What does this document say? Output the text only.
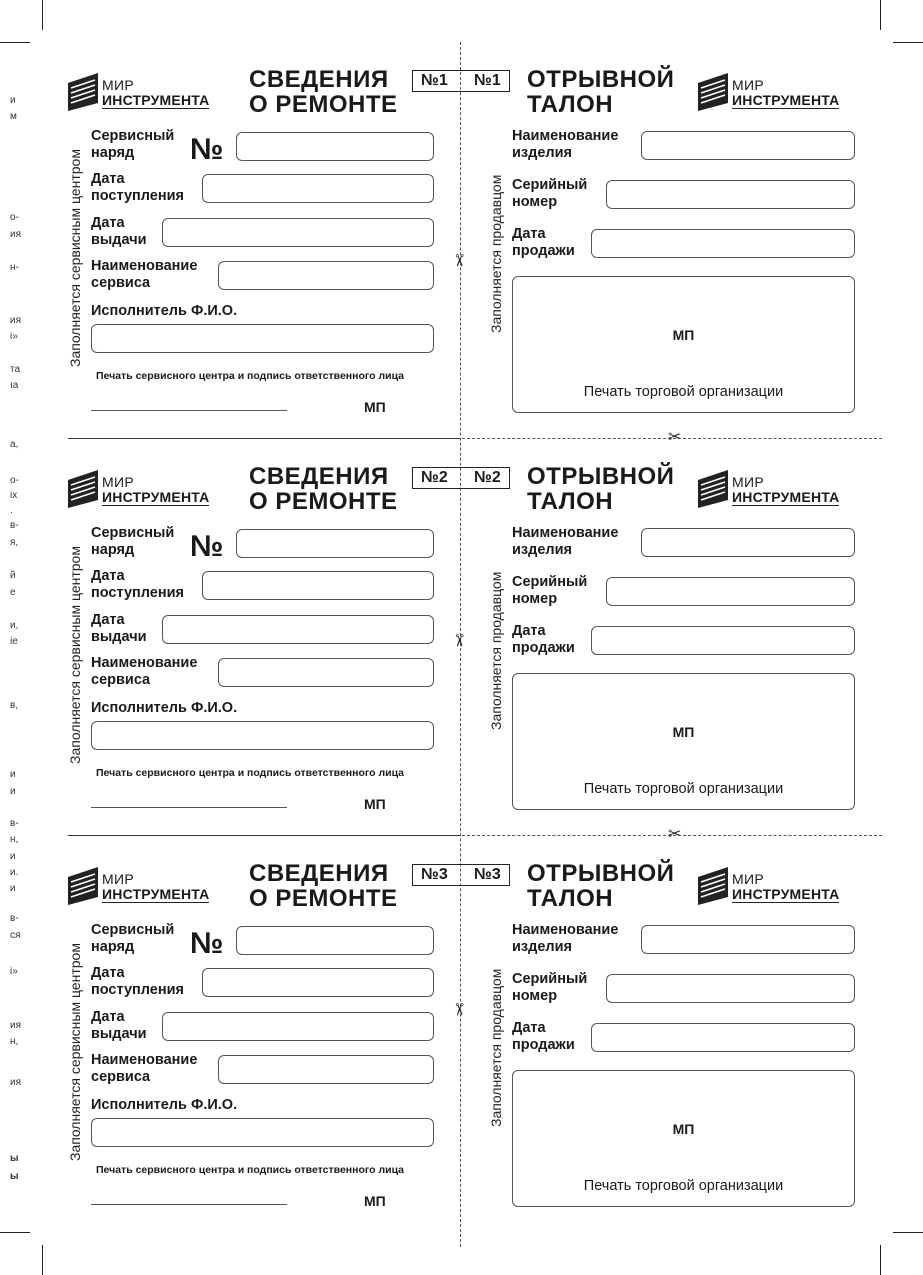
и
м
о-
ия
н-
ия
і»
та
ıа
а,
о-
іх
.
в-
я,
й
е
и,
іе
в,
и
и
в-
н,
и
и.
и
в-
ся
і»
ия
н,
ия
ы
ы
✂
✂
✂
✂
✂
МИР
ИНСТРУМЕНТА
СВЕДЕНИЯ
О РЕМОНТЕ
№1 №1
Заполняется сервисным центром
Сервисный
наряд	№
Дата
поступления
Дата
выдачи
Наименование
сервиса
Исполнитель Ф.И.О.
Печать сервисного центра и подпись ответственного лица
МП
ОТРЫВНОЙ
ТАЛОН
МИР
ИНСТРУМЕНТА
Заполняется продавцом
Наименование
изделия
Серийный
номер
Дата
продажи
МП
Печать торговой организации
МИР
ИНСТРУМЕНТА
СВЕДЕНИЯ
О РЕМОНТЕ
№2 №2
Заполняется сервисным центром
Сервисный
наряд	№
Дата
поступления
Дата
выдачи
Наименование
сервиса
Исполнитель Ф.И.О.
Печать сервисного центра и подпись ответственного лица
МП
ОТРЫВНОЙ
ТАЛОН
МИР
ИНСТРУМЕНТА
Заполняется продавцом
Наименование
изделия
Серийный
номер
Дата
продажи
МП
Печать торговой организации
МИР
ИНСТРУМЕНТА
СВЕДЕНИЯ
О РЕМОНТЕ
№3 №3
Заполняется сервисным центром
Сервисный
наряд	№
Дата
поступления
Дата
выдачи
Наименование
сервиса
Исполнитель Ф.И.О.
Печать сервисного центра и подпись ответственного лица
МП
ОТРЫВНОЙ
ТАЛОН
МИР
ИНСТРУМЕНТА
Заполняется продавцом
Наименование
изделия
Серийный
номер
Дата
продажи
МП
Печать торговой организации
